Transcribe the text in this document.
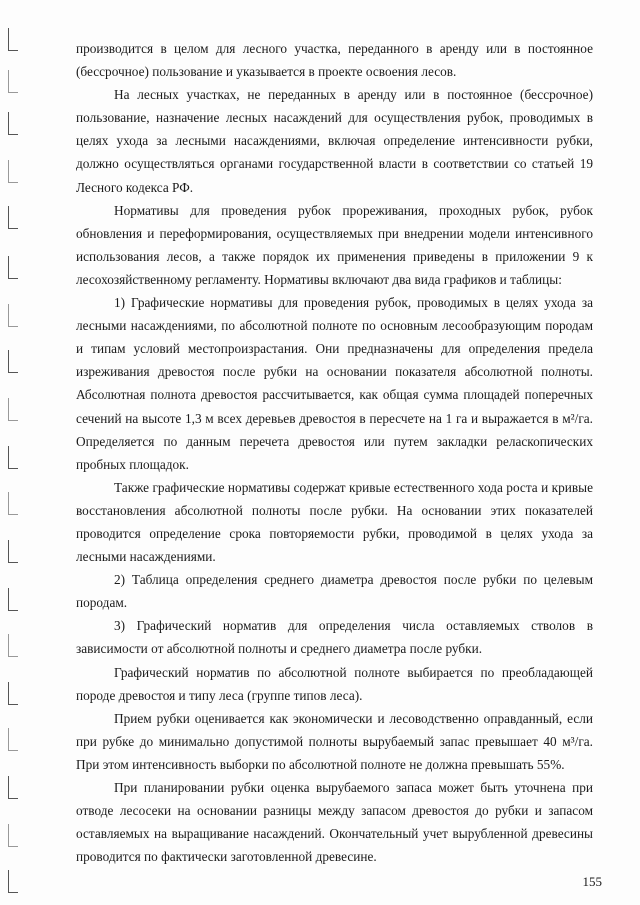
производится в целом для лесного участка, переданного в аренду или в постоянное (бессрочное) пользование и указывается в проекте освоения лесов.

На лесных участках, не переданных в аренду или в постоянное (бессрочное) пользование, назначение лесных насаждений для осуществления рубок, проводимых в целях ухода за лесными насаждениями, включая определение интенсивности рубки, должно осуществляться органами государственной власти в соответствии со статьей 19 Лесного кодекса РФ.

Нормативы для проведения рубок прореживания, проходных рубок, рубок обновления и переформирования, осуществляемых при внедрении модели интенсивного использования лесов, а также порядок их применения приведены в приложении 9 к лесохозяйственному регламенту. Нормативы включают два вида графиков и таблицы:

1) Графические нормативы для проведения рубок, проводимых в целях ухода за лесными насаждениями, по абсолютной полноте по основным лесообразующим породам и типам условий местопроизрастания. Они предназначены для определения предела изреживания древостоя после рубки на основании показателя абсолютной полноты. Абсолютная полнота древостоя рассчитывается, как общая сумма площадей поперечных сечений на высоте 1,3 м всех деревьев древостоя в пересчете на 1 га и выражается в м²/га. Определяется по данным перечета древостоя или путем закладки реласкопических пробных площадок.

Также графические нормативы содержат кривые естественного хода роста и кривые восстановления абсолютной полноты после рубки. На основании этих показателей проводится определение срока повторяемости рубки, проводимой в целях ухода за лесными насаждениями.

2) Таблица определения среднего диаметра древостоя после рубки по целевым породам.

3) Графический норматив для определения числа оставляемых стволов в зависимости от абсолютной полноты и среднего диаметра после рубки.

Графический норматив по абсолютной полноте выбирается по преобладающей породе древостоя и типу леса (группе типов леса).

Прием рубки оценивается как экономически и лесоводственно оправданный, если при рубке до минимально допустимой полноты вырубаемый запас превышает 40 м³/га. При этом интенсивность выборки по абсолютной полноте не должна превышать 55%.

При планировании рубки оценка вырубаемого запаса может быть уточнена при отводе лесосеки на основании разницы между запасом древостоя до рубки и запасом оставляемых на выращивание насаждений. Окончательный учет вырубленной древесины проводится по фактически заготовленной древесине.

155
